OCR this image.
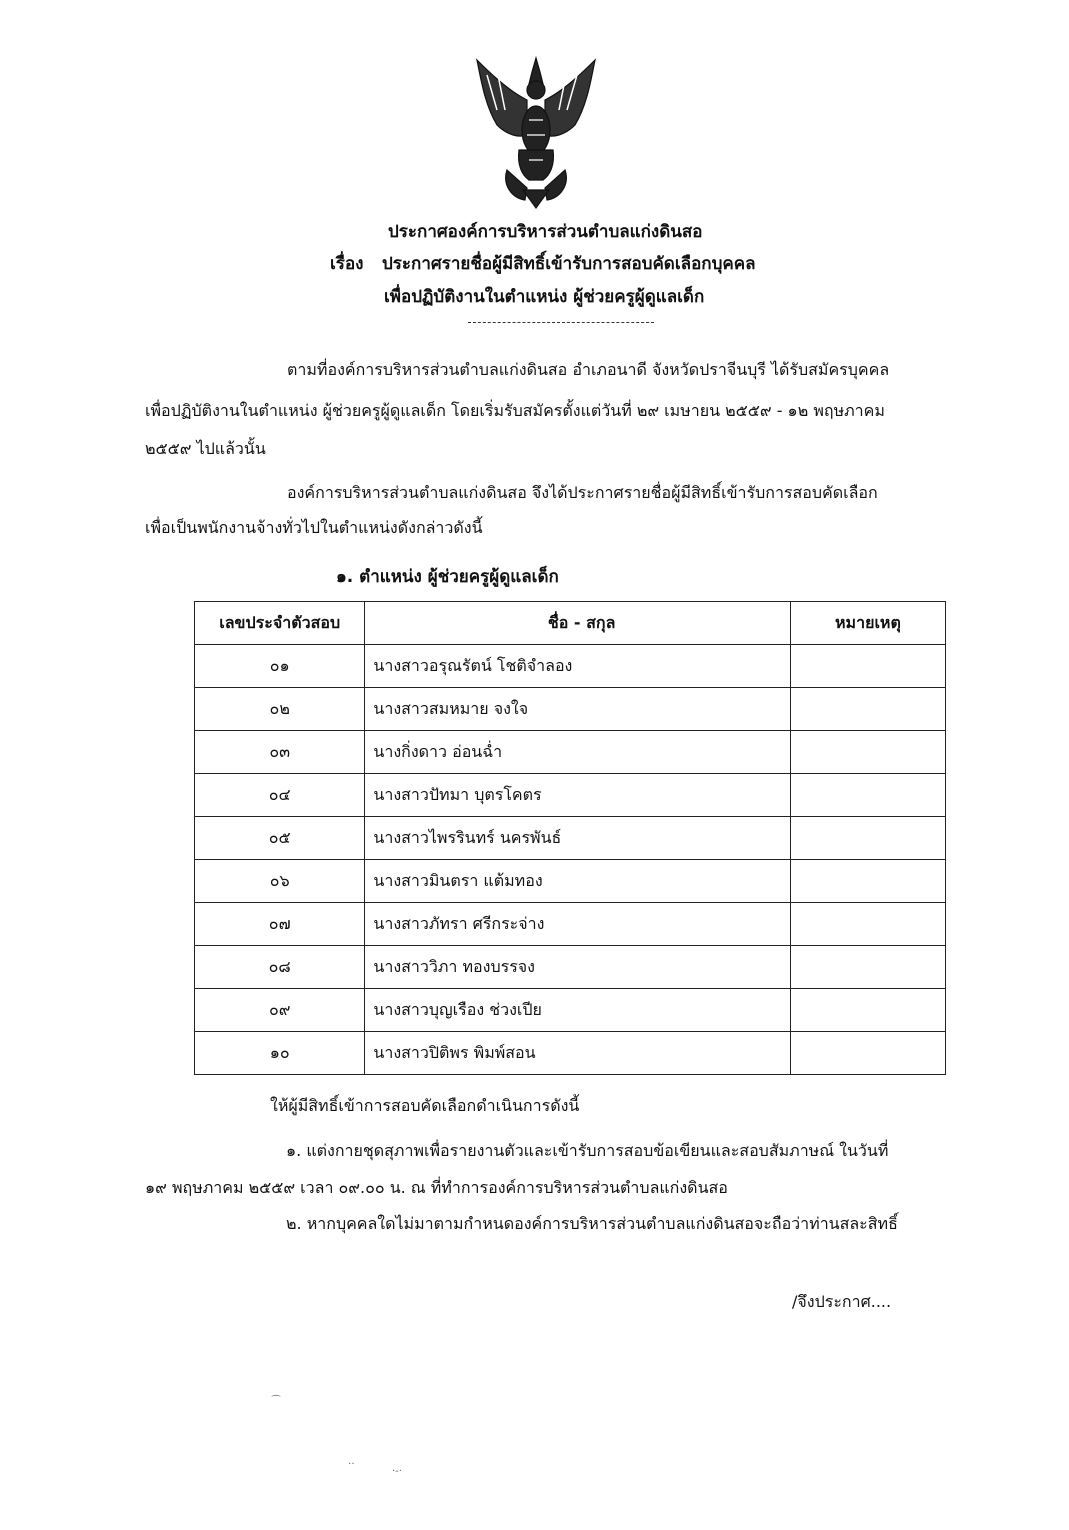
ประกาศองค์การบริหารส่วนตำบลแก่งดินสอ
เรื่อง ประกาศรายชื่อผู้มีสิทธิ์เข้ารับการสอบคัดเลือกบุคคล
เพื่อปฏิบัติงานในตำแหน่ง ผู้ช่วยครูผู้ดูแลเด็ก
ตามที่องค์การบริหารส่วนตำบลแก่งดินสอ อำเภอนาดี จังหวัดปราจีนบุรี ได้รับสมัครบุคคล
เพื่อปฏิบัติงานในตำแหน่ง ผู้ช่วยครูผู้ดูแลเด็ก โดยเริ่มรับสมัครตั้งแต่วันที่ ๒๙ เมษายน ๒๕๕๙ - ๑๒ พฤษภาคม
๒๕๕๙ ไปแล้วนั้น
องค์การบริหารส่วนตำบลแก่งดินสอ จึงได้ประกาศรายชื่อผู้มีสิทธิ์เข้ารับการสอบคัดเลือก
เพื่อเป็นพนักงานจ้างทั่วไปในตำแหน่งดังกล่าวดังนี้
๑. ตำแหน่ง ผู้ช่วยครูผู้ดูแลเด็ก
เลขประจำตัวสอบ	ชื่อ - สกุล	หมายเหตุ
๐๑	นางสาวอรุณรัตน์ โชติจำลอง	
๐๒	นางสาวสมหมาย จงใจ	
๐๓	นางกิ่งดาว อ่อนฉ่ำ	
๐๔	นางสาวปัทมา บุตรโคตร	
๐๕	นางสาวไพรรินทร์ นครพันธ์	
๐๖	นางสาวมินตรา แต้มทอง	
๐๗	นางสาวภัทรา ศรีกระจ่าง	
๐๘	นางสาววิภา ทองบรรจง	
๐๙	นางสาวบุญเรือง ช่วงเปีย	
๑๐	นางสาวปิติพร พิมพ์สอน	
ให้ผู้มีสิทธิ์เข้าการสอบคัดเลือกดำเนินการดังนี้
๑. แต่งกายชุดสุภาพเพื่อรายงานตัวและเข้ารับการสอบข้อเขียนและสอบสัมภาษณ์ ในวันที่
๑๙ พฤษภาคม ๒๕๕๙ เวลา ๐๙.๐๐ น. ณ ที่ทำการองค์การบริหารส่วนตำบลแก่งดินสอ
๒. หากบุคคลใดไม่มาตามกำหนดองค์การบริหารส่วนตำบลแก่งดินสอจะถือว่าท่านสละสิทธิ์
/จึงประกาศ....
⁀
‥
·-·
